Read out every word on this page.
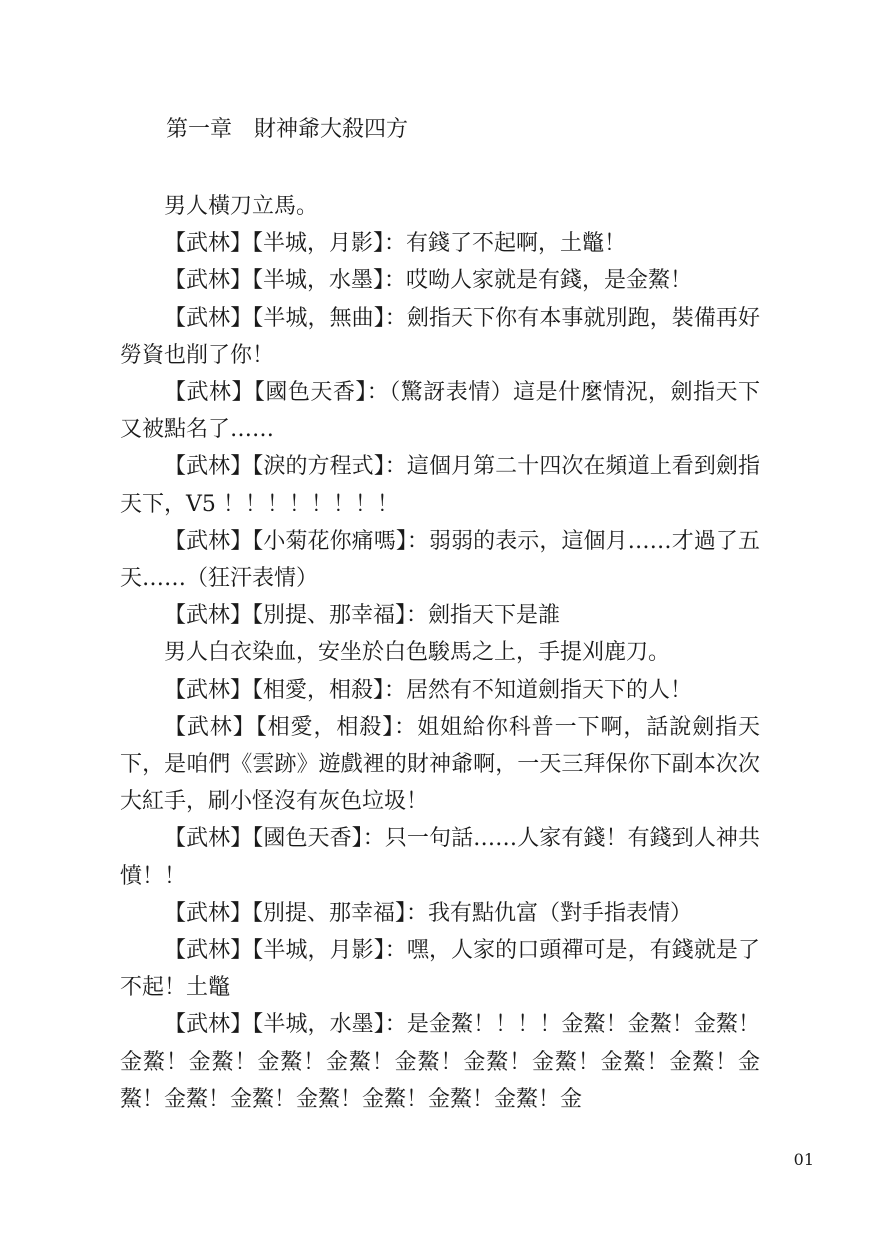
第一章　財神爺大殺四方

男人橫刀立馬。

【武林】【半城，月影】：有錢了不起啊，土鼈！

【武林】【半城，水墨】：哎呦人家就是有錢，是金鰲！

【武林】【半城，無曲】：劍指天下你有本事就別跑，裝備再好勞資也削了你！

【武林】【國色天香】：（驚訝表情）這是什麼情況，劍指天下又被點名了……

【武林】【淚的方程式】：這個月第二十四次在頻道上看到劍指天下，V5 ！！！！！！！！

【武林】【小菊花你痛嗎】：弱弱的表示，這個月……才過了五天……（狂汗表情）

【武林】【別提、那幸福】：劍指天下是誰

男人白衣染血，安坐於白色駿馬之上，手提刈鹿刀。

【武林】【相愛，相殺】：居然有不知道劍指天下的人！

【武林】【相愛，相殺】：姐姐給你科普一下啊，話說劍指天下，是咱們《雲跡》遊戲裡的財神爺啊，一天三拜保你下副本次次大紅手，刷小怪沒有灰色垃圾！

【武林】【國色天香】：只一句話……人家有錢！有錢到人神共憤！！

【武林】【別提、那幸福】：我有點仇富（對手指表情）

【武林】【半城，月影】：嘿，人家的口頭禪可是，有錢就是了不起！土鼈

【武林】【半城，水墨】：是金鰲！！！！金鰲！金鰲！金鰲！金鰲！金鰲！金鰲！金鰲！金鰲！金鰲！金鰲！金鰲！金鰲！金鰲！金鰲！金鰲！金鰲！金鰲！金鰲！金鰲！金

01
